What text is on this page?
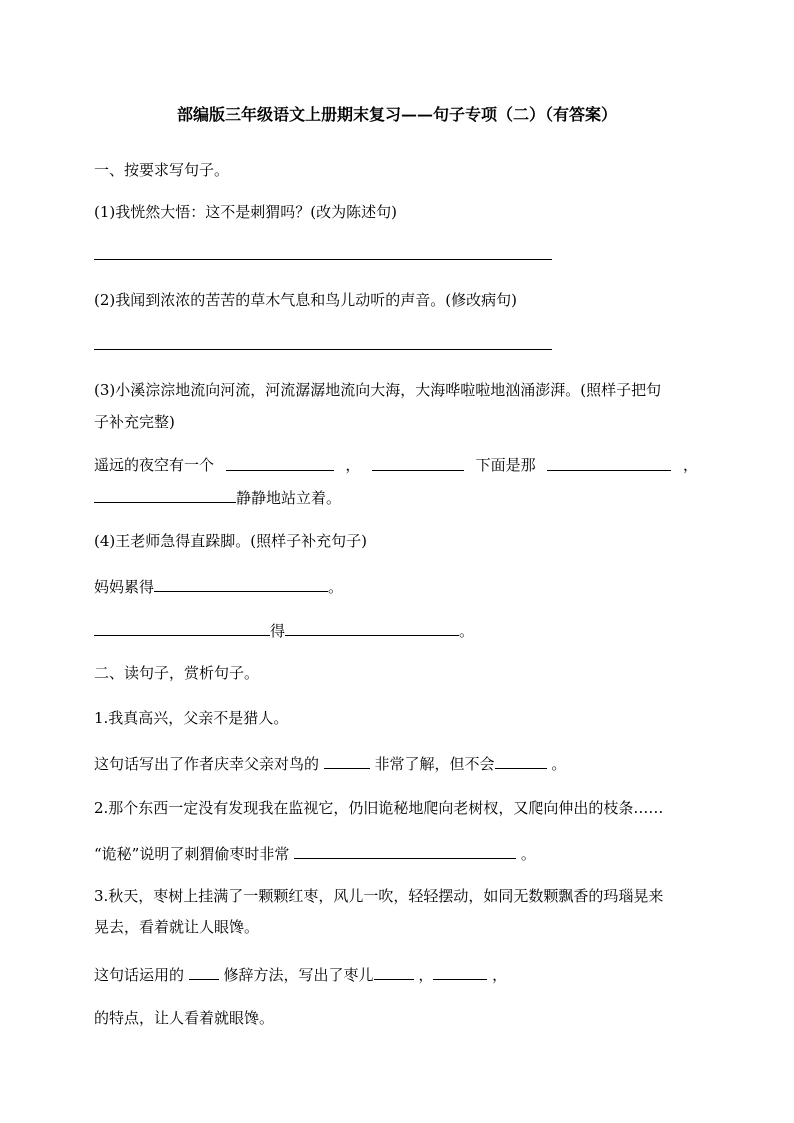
部编版三年级语文上册期末复习——句子专项（二）（有答案）
一、按要求写句子。
(1)我恍然大悟：这不是刺猬吗？(改为陈述句)
(2)我闻到浓浓的苦苦的草木气息和鸟儿动听的声音。(修改病句)
(3)小溪淙淙地流向河流，河流潺潺地流向大海，大海哗啦啦地汹涌澎湃。(照样子把句
子补充完整)
遥远的夜空有一个	，	下面是那	，
静静地站立着。
(4)王老师急得直跺脚。(照样子补充句子)
妈妈累得	。
得	。
二、读句子，赏析句子。
1.我真高兴，父亲不是猎人。
这句话写出了作者庆幸父亲对鸟的	非常了解，但不会	。
2.那个东西一定没有发现我在监视它，仍旧诡秘地爬向老树杈，又爬向伸出的枝条……
“诡秘”说明了刺猬偷枣时非常	。
3.秋天，枣树上挂满了一颗颗红枣，风儿一吹，轻轻摆动，如同无数颗飘香的玛瑙晃来
晃去，看着就让人眼馋。
这句话运用的  修辞方法，写出了枣儿	，	，
的特点，让人看着就眼馋。
